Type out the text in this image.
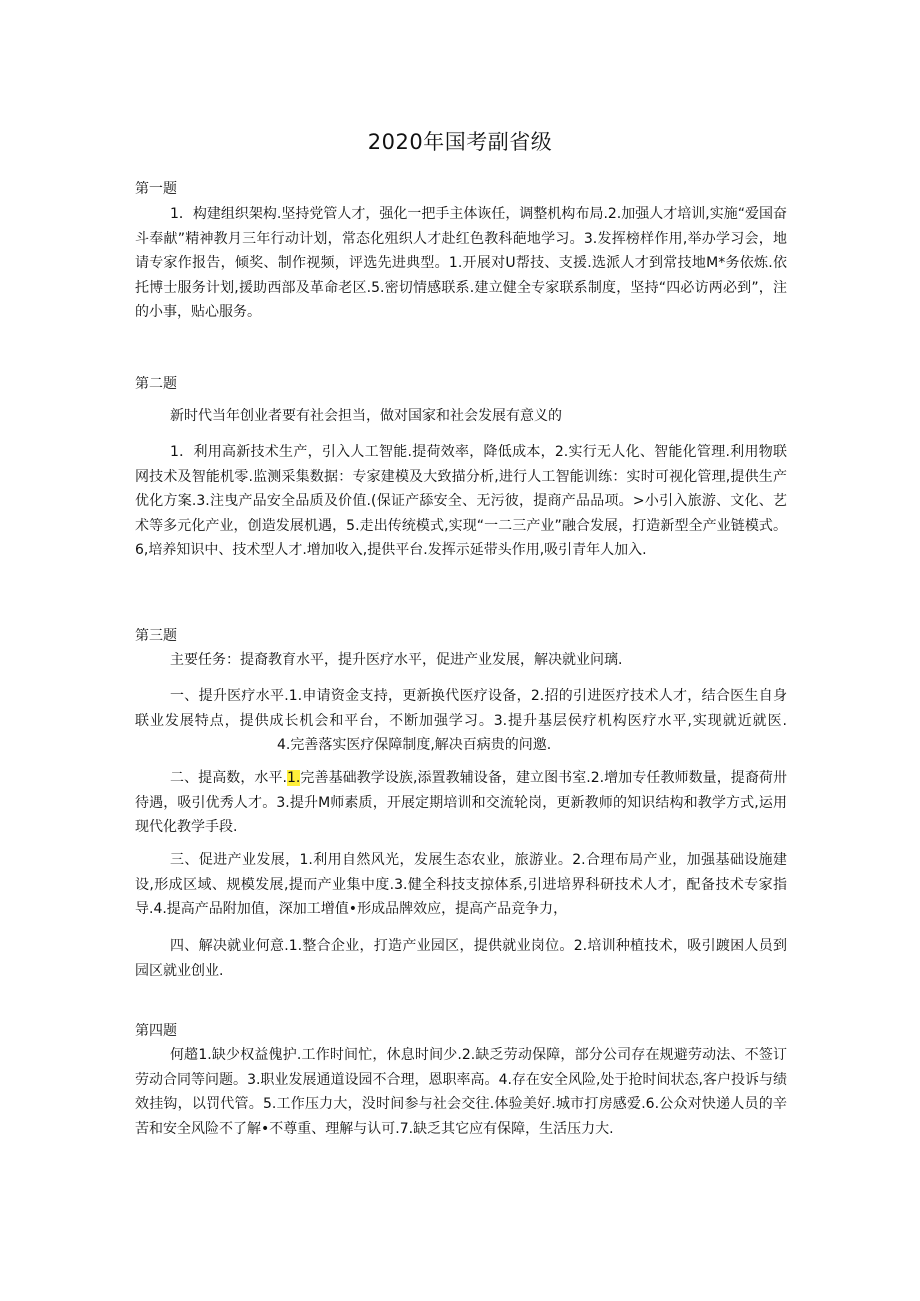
2020年国考副省级
第一题

1．构建组织架构.坚持党管人才，强化一把手主体诙任，调整机构布局.2.加强人才培训,实施“爱国奋斗奉献”精神教月三年行动计划，常态化殂织人才赴红色教科葩地学习。3.发挥榜样作用,举办学习会，地请专家作报告，倾奖、制作视频，评选先进典型。1.开展对U帮技、支援.选派人才到常技地M*务依炼.依托博士服务计划,援助西部及革命老区.5.密切情感联系.建立健全专家联系制度，坚持“四必访两必到”，注的小事，贴心服务。

第二题

新时代当年创业者要有社会担当，做对国家和社会发展有意义的

1．利用高新技术生产，引入人工智能.提荷效率，降低成本，2.实行无人化、智能化管理.利用物联网技术及智能机零.监测采集数据：专家建模及大致描分析,进行人工智能训练：实时可视化管理,提供生产优化方案.3.注曳产品安全品质及价值.(保证产舔安全、无污彼，提商产品品项。>小引入旅游、文化、艺术等多元化产业，创造发展机遇，5.走出传统模式,实现“一二三产业”融合发展，打造新型全产业链模式。6,培养知识中、技术型人才.增加收入,提供平台.发挥示延带头作用,吸引青年人加入.

第三题

主要任务：提裔教育水平，提升医疗水平，促进产业发展，解决就业问璃.

一、提升医疗水平.1.申请资金支持，更新换代医疗设备，2.招的引进医疗技术人才，结合医生自身联业发展特点，提供成长机会和平台，不断加强学习。3.提升基层侯疗机构医疗水平,实现就近就医.4.完善落实医疗保障制度,解决百病贵的问邀.

二、提高数，水平.1.完善基础教学设族,添置教辅设备，建立图书室.2.增加专任教师数量，提裔荷卅待遇，吸引优秀人才。3.提升M师素质，开展定期培训和交流轮岗，更新教师的知识结构和教学方式,运用现代化教学手段.

三、促进产业发展，1.利用自然风光，发展生态农业，旅游业。2.合理布局产业，加强基础设施建设,形成区域、规模发展,提而产业集中度.3.健全科技支掠体系,引进培界科研技术人才，配备技术专家指导.4.提高产品附加值，深加工增值•形成品牌效应，提高产品竞争力，

四、解决就业何意.1.整合企业，打造产业园区，提供就业岗位。2.培训种植技术，吸引踱困人员到园区就业创业.

第四题

何趦1.缺少权益傀护.工作时间忙，休息时间少.2.缺乏劳动保障，部分公司存在规避劳动法、不签订劳动合同等问题。3.职业发展通道设园不合理，恩职率高。4.存在安全风险,处于抢时间状态,客户投诉与绩效挂钩，以罚代管。5.工作压力大，没时间参与社会交往.体验美好.城市打房感爱.6.公众对快递人员的辛苦和安全风险不了解•不尊重、理解与认可.7.缺乏其它应有保障，生活压力大.
